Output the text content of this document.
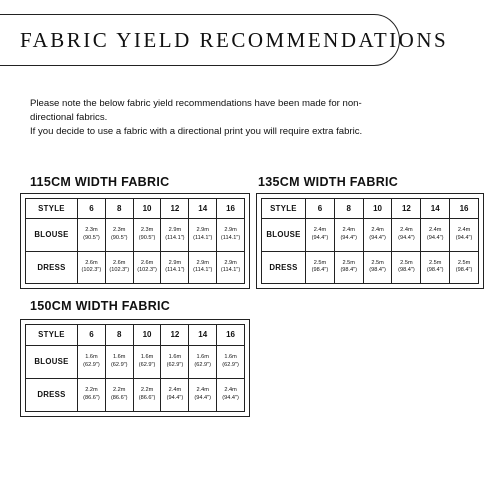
FABRIC YIELD RECOMMENDATIONS

Please note the below fabric yield recommendations have been made for non-directional fabrics.

If you decide to use a fabric with a directional print you will require extra fabric.

115CM WIDTH FABRIC
STYLE	6	8	10	12	14	16
BLOUSE	2.3m
(90.5")	2.3m
(90.5")	2.3m
(90.5")	2.9m
(114.1")	2.9m
(114.1")	2.9m
(114.1")

DRESS	2.6m
(102.3")	2.6m
(102.3")	2.6m
(102.3")	2.9m
(114.1")	2.9m
(114.1")	2.9m
(114.1")
135CM WIDTH FABRIC
STYLE	6	8	10	12	14	16
BLOUSE	2.4m
(94.4")	2.4m
(94.4")	2.4m
(94.4")	2.4m
(94.4")	2.4m
(94.4")	2.4m
(94.4")

DRESS	2.5m
(98.4")	2.5m
(98.4")	2.5m
(98.4")	2.5m
(98.4")	2.5m
(98.4")	2.5m
(98.4")
150CM WIDTH FABRIC
STYLE	6	8	10	12	14	16
BLOUSE	1.6m
(62.9")	1.6m
(62.9")	1.6m
(62.9")	1.6m
(62.9")	1.6m
(62.9")	1.6m
(62.9")

DRESS	2.2m
(86.6")	2.2m
(86.6")	2.2m
(86.6")	2.4m
(94.4")	2.4m
(94.4")	2.4m
(94.4")
